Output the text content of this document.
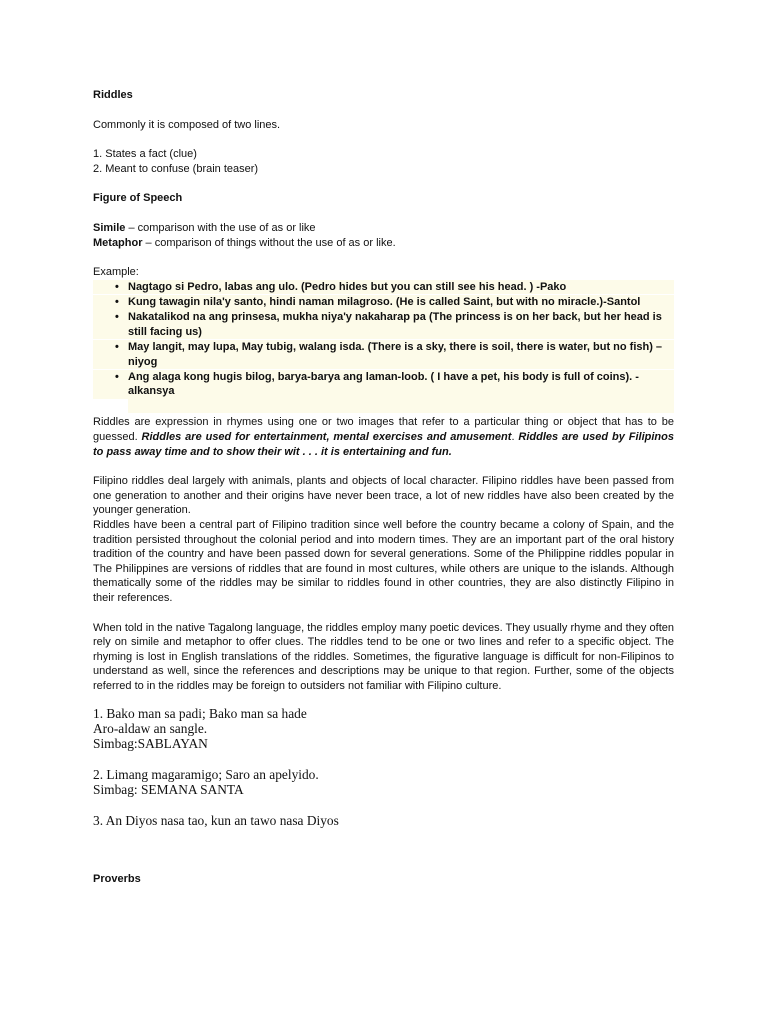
Riddles

Commonly it is composed of two lines.

1. States a fact (clue)

2. Meant to confuse (brain teaser)

Figure of Speech

Simile – comparison with the use of as or like

Metaphor – comparison of things without the use of as or like.

Example:

• Nagtago si Pedro, labas ang ulo. (Pedro hides but you can still see his head. ) -Pako
• Kung tawagin nila'y santo, hindi naman milagroso. (He is called Saint, but with no miracle.)-Santol
• Nakatalikod na ang prinsesa, mukha niya'y nakaharap pa (The princess is on her back, but her head is still facing us)
• May langit, may lupa, May tubig, walang isda. (There is a sky, there is soil, there is water, but no fish) – niyog
• Ang alaga kong hugis bilog, barya-barya ang laman-loob. ( I have a pet, his body is full of coins). -alkansya

Riddles are expression in rhymes using one or two images that refer to a particular thing or object that has to be guessed. Riddles are used for entertainment, mental exercises and amusement. Riddles are used by Filipinos to pass away time and to show their wit . . . it is entertaining and fun.

Filipino riddles deal largely with animals, plants and objects of local character. Filipino riddles have been passed from one generation to another and their origins have never been trace, a lot of new riddles have also been created by the younger generation.

Riddles have been a central part of Filipino tradition since well before the country became a colony of Spain, and the tradition persisted throughout the colonial period and into modern times. They are an important part of the oral history tradition of the country and have been passed down for several generations. Some of the Philippine riddles popular in The Philippines are versions of riddles that are found in most cultures, while others are unique to the islands. Although thematically some of the riddles may be similar to riddles found in other countries, they are also distinctly Filipino in their references.

When told in the native Tagalong language, the riddles employ many poetic devices. They usually rhyme and they often rely on simile and metaphor to offer clues. The riddles tend to be one or two lines and refer to a specific object. The rhyming is lost in English translations of the riddles. Sometimes, the figurative language is difficult for non-Filipinos to understand as well, since the references and descriptions may be unique to that region. Further, some of the objects referred to in the riddles may be foreign to outsiders not familiar with Filipino culture.

1. Bako man sa padi; Bako man sa hade

Aro-aldaw an sangle.

Simbag:SABLAYAN

2. Limang magaramigo; Saro an apelyido.

Simbag: SEMANA SANTA

3. An Diyos nasa tao, kun an tawo nasa Diyos

Proverbs
